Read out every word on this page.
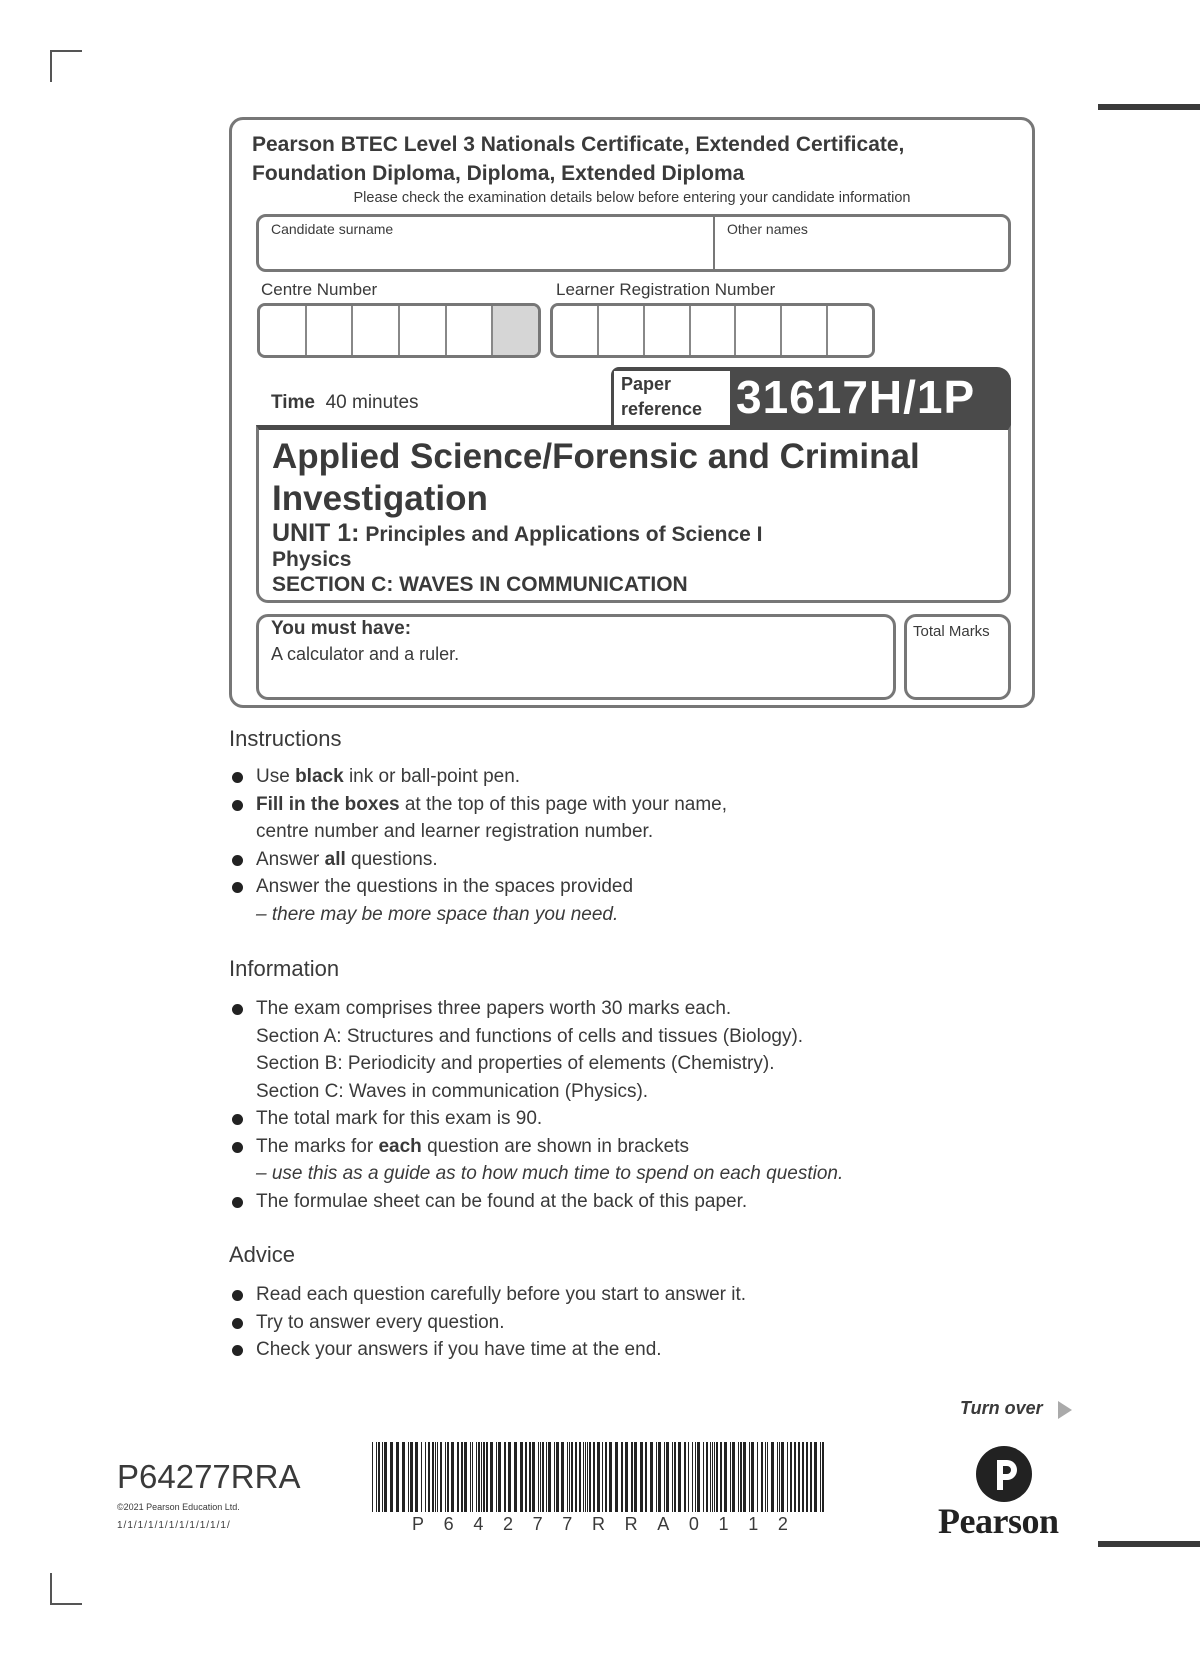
Pearson BTEC Level 3 Nationals Certificate, Extended Certificate,
Foundation Diploma, Diploma, Extended Diploma
Please check the examination details below before entering your candidate information
Candidate surname	Other names
Centre Number	Learner Registration Number
Time 40 minutes
Paper
reference 31617H/1P
Applied Science/Forensic and Criminal
Investigation
UNIT 1: Principles and Applications of Science I
Physics
SECTION C: WAVES IN COMMUNICATION
You must have:
A calculator and a ruler.
Total Marks
Instructions
Use black ink or ball-point pen.
Fill in the boxes at the top of this page with your name,
centre number and learner registration number.
Answer all questions.
Answer the questions in the spaces provided
– there may be more space than you need.
Information
The exam comprises three papers worth 30 marks each.
Section A: Structures and functions of cells and tissues (Biology).
Section B: Periodicity and properties of elements (Chemistry).
Section C: Waves in communication (Physics).
The total mark for this exam is 90.
The marks for each question are shown in brackets
– use this as a guide as to how much time to spend on each question.
The formulae sheet can be found at the back of this paper.
Advice
Read each question carefully before you start to answer it.
Try to answer every question.
Check your answers if you have time at the end.
Turn over
P64277RRA
©2021 Pearson Education Ltd.
1/1/1/1/1/1/1/1/1/1/1/	P 6 4 2 7 7 R R A 0 1 1 2	Pearson
